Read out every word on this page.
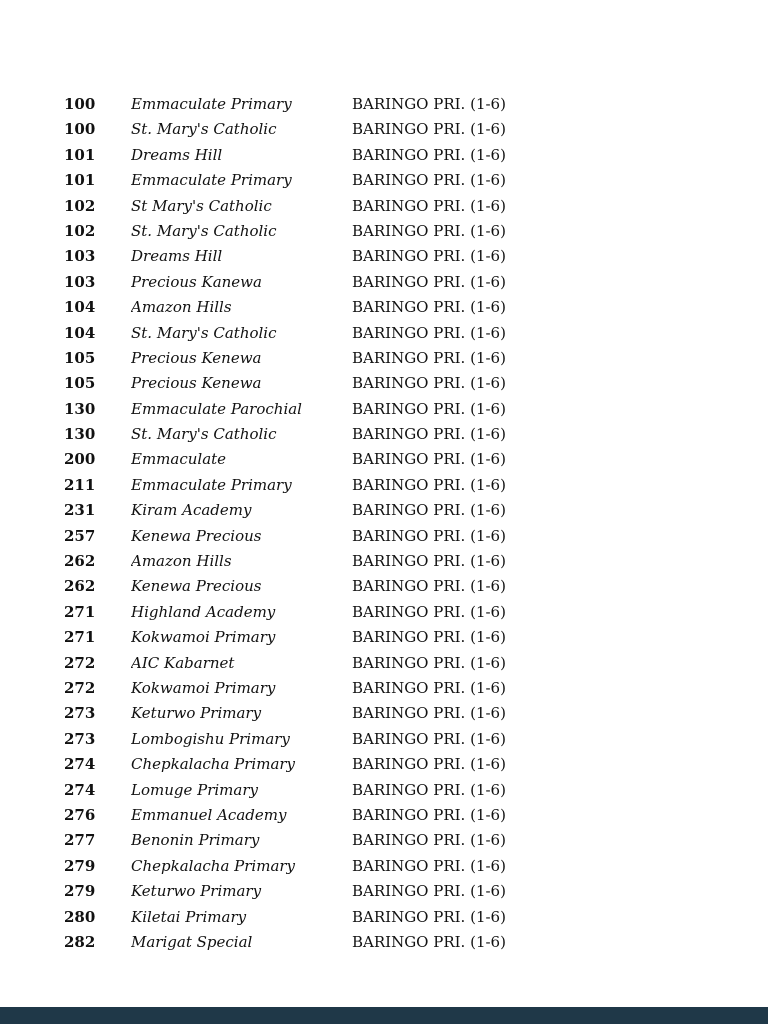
100	Emmaculate Primary	BARINGO PRI. (1-6)
100	St. Mary's Catholic	BARINGO PRI. (1-6)
101	Dreams Hill	BARINGO PRI. (1-6)
101	Emmaculate Primary	BARINGO PRI. (1-6)
102	St Mary's Catholic	BARINGO PRI. (1-6)
102	St. Mary's Catholic	BARINGO PRI. (1-6)
103	Dreams Hill	BARINGO PRI. (1-6)
103	Precious Kanewa	BARINGO PRI. (1-6)
104	Amazon Hills	BARINGO PRI. (1-6)
104	St. Mary's Catholic	BARINGO PRI. (1-6)
105	Precious Kenewa	BARINGO PRI. (1-6)
105	Precious Kenewa	BARINGO PRI. (1-6)
130	Emmaculate Parochial	BARINGO PRI. (1-6)
130	St. Mary's Catholic	BARINGO PRI. (1-6)
200	Emmaculate	BARINGO PRI. (1-6)
211	Emmaculate Primary	BARINGO PRI. (1-6)
231	Kiram Academy	BARINGO PRI. (1-6)
257	Kenewa Precious	BARINGO PRI. (1-6)
262	Amazon Hills	BARINGO PRI. (1-6)
262	Kenewa Precious	BARINGO PRI. (1-6)
271	Highland Academy	BARINGO PRI. (1-6)
271	Kokwamoi Primary	BARINGO PRI. (1-6)
272	AIC Kabarnet	BARINGO PRI. (1-6)
272	Kokwamoi Primary	BARINGO PRI. (1-6)
273	Keturwo Primary	BARINGO PRI. (1-6)
273	Lombogishu Primary	BARINGO PRI. (1-6)
274	Chepkalacha Primary	BARINGO PRI. (1-6)
274	Lomuge Primary	BARINGO PRI. (1-6)
276	Emmanuel Academy	BARINGO PRI. (1-6)
277	Benonin Primary	BARINGO PRI. (1-6)
279	Chepkalacha Primary	BARINGO PRI. (1-6)
279	Keturwo Primary	BARINGO PRI. (1-6)
280	Kiletai Primary	BARINGO PRI. (1-6)
282	Marigat Special	BARINGO PRI. (1-6)
